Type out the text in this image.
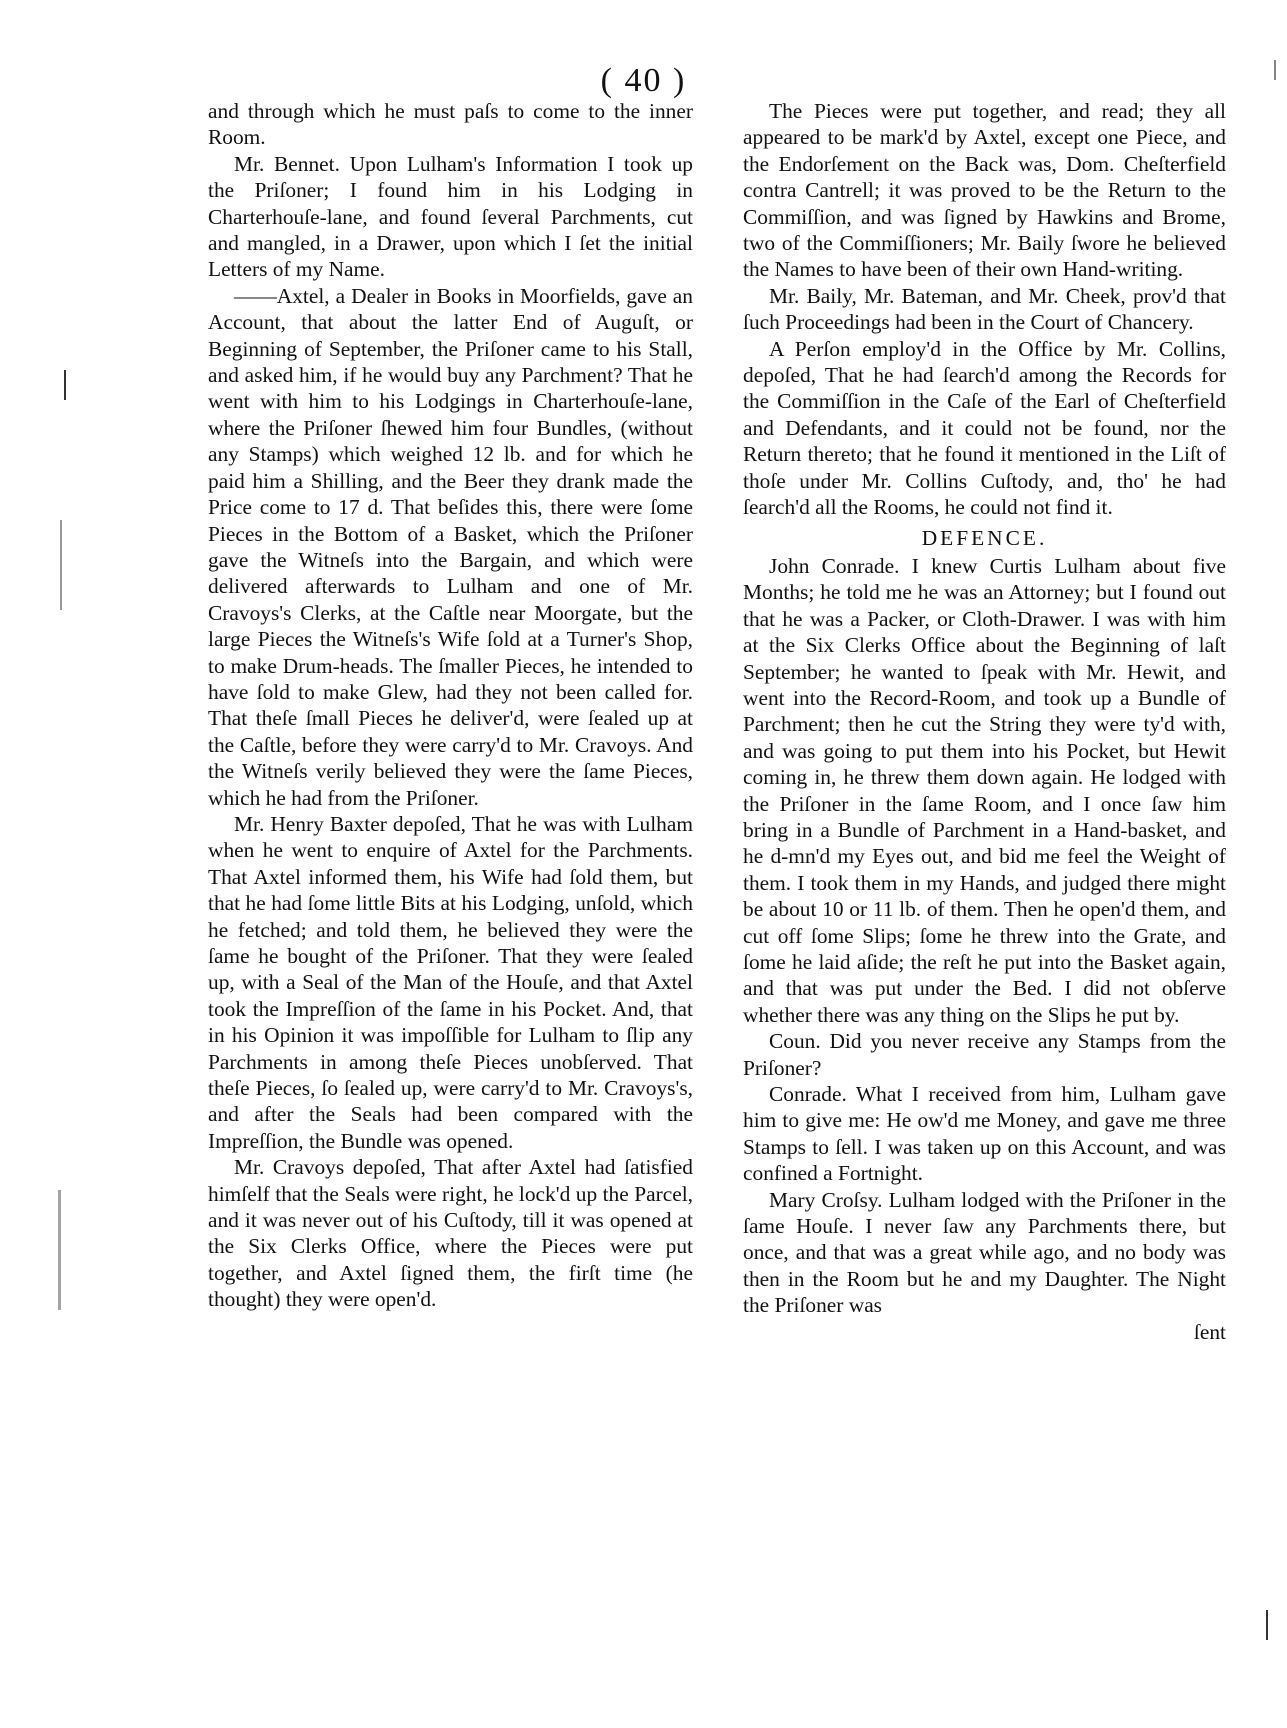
( 40 )

and through which he must paſs to come to the inner Room.

Mr. Bennet. Upon Lulham's Information I took up the Priſoner; I found him in his Lodging in Charterhouſe-lane, and found ſeveral Parchments, cut and mangled, in a Drawer, upon which I ſet the initial Letters of my Name.

——Axtel, a Dealer in Books in Moorfields, gave an Account, that about the latter End of Auguſt, or Beginning of September, the Priſoner came to his Stall, and asked him, if he would buy any Parchment? That he went with him to his Lodgings in Charterhouſe-lane, where the Priſoner ſhewed him four Bundles, (without any Stamps) which weighed 12 lb. and for which he paid him a Shilling, and the Beer they drank made the Price come to 17 d. That beſides this, there were ſome Pieces in the Bottom of a Basket, which the Priſoner gave the Witneſs into the Bargain, and which were delivered afterwards to Lulham and one of Mr. Cravoys's Clerks, at the Caſtle near Moorgate, but the large Pieces the Witneſs's Wife ſold at a Turner's Shop, to make Drum-heads. The ſmaller Pieces, he intended to have ſold to make Glew, had they not been called for. That theſe ſmall Pieces he deliver'd, were ſealed up at the Caſtle, before they were carry'd to Mr. Cravoys. And the Witneſs verily believed they were the ſame Pieces, which he had from the Priſoner.

Mr. Henry Baxter depoſed, That he was with Lulham when he went to enquire of Axtel for the Parchments. That Axtel informed them, his Wife had ſold them, but that he had ſome little Bits at his Lodging, unſold, which he fetched; and told them, he believed they were the ſame he bought of the Priſoner. That they were ſealed up, with a Seal of the Man of the Houſe, and that Axtel took the Impreſſion of the ſame in his Pocket. And, that in his Opinion it was impoſſible for Lulham to ſlip any Parchments in among theſe Pieces unobſerved. That theſe Pieces, ſo ſealed up, were carry'd to Mr. Cravoys's, and after the Seals had been compared with the Impreſſion, the Bundle was opened.

Mr. Cravoys depoſed, That after Axtel had ſatisfied himſelf that the Seals were right, he lock'd up the Parcel, and it was never out of his Cuſtody, till it was opened at the Six Clerks Office, where the Pieces were put together, and Axtel ſigned them, the firſt time (he thought) they were open'd.

The Pieces were put together, and read; they all appeared to be mark'd by Axtel, except one Piece, and the Endorſement on the Back was, Dom. Cheſterfield contra Cantrell; it was proved to be the Return to the Commiſſion, and was ſigned by Hawkins and Brome, two of the Commiſſioners; Mr. Baily ſwore he believed the Names to have been of their own Hand-writing.

Mr. Baily, Mr. Bateman, and Mr. Cheek, prov'd that ſuch Proceedings had been in the Court of Chancery.

A Perſon employ'd in the Office by Mr. Collins, depoſed, That he had ſearch'd among the Records for the Commiſſion in the Caſe of the Earl of Cheſterfield and Defendants, and it could not be found, nor the Return thereto; that he found it mentioned in the Liſt of thoſe under Mr. Collins Cuſtody, and, tho' he had ſearch'd all the Rooms, he could not find it.

DEFENCE.

John Conrade. I knew Curtis Lulham about five Months; he told me he was an Attorney; but I found out that he was a Packer, or Cloth-Drawer. I was with him at the Six Clerks Office about the Beginning of laſt September; he wanted to ſpeak with Mr. Hewit, and went into the Record-Room, and took up a Bundle of Parchment; then he cut the String they were ty'd with, and was going to put them into his Pocket, but Hewit coming in, he threw them down again. He lodged with the Priſoner in the ſame Room, and I once ſaw him bring in a Bundle of Parchment in a Hand-basket, and he d-mn'd my Eyes out, and bid me feel the Weight of them. I took them in my Hands, and judged there might be about 10 or 11 lb. of them. Then he open'd them, and cut off ſome Slips; ſome he threw into the Grate, and ſome he laid aſide; the reſt he put into the Basket again, and that was put under the Bed. I did not obſerve whether there was any thing on the Slips he put by.

Coun. Did you never receive any Stamps from the Priſoner?

Conrade. What I received from him, Lulham gave him to give me: He ow'd me Money, and gave me three Stamps to ſell. I was taken up on this Account, and was confined a Fortnight.

Mary Croſsy. Lulham lodged with the Priſoner in the ſame Houſe. I never ſaw any Parchments there, but once, and that was a great while ago, and no body was then in the Room but he and my Daughter. The Night the Priſoner was

ſent
